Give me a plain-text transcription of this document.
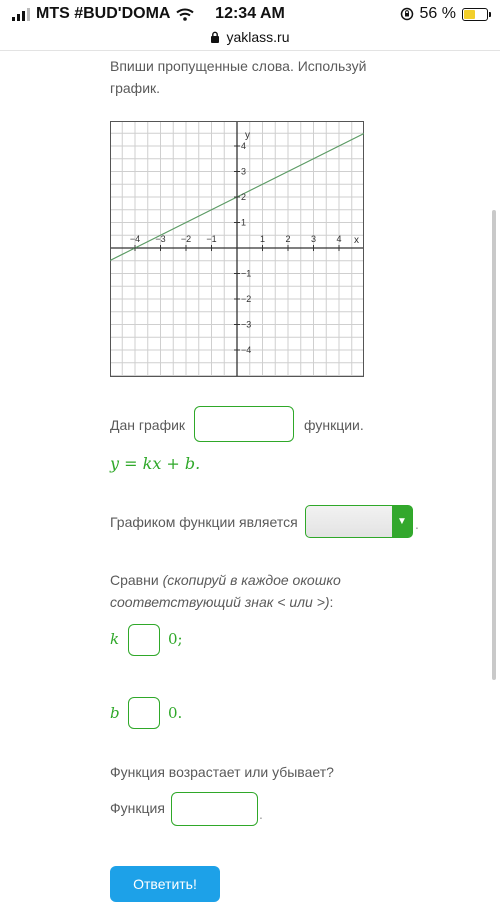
MTS #BUD'DOMA	12:34 AM	56 %
yaklass.ru
Впиши пропущенные слова. Используй график.
−4 −3 −2 −1	1 2 3 4
4
3
2
1
−1
−2
−3
−4
x
y
Дан график	функции.
y = kx + b.
Графиком функции является	▼ .
Сравни (скопируй в каждое окошко соответствующий знак < или >):
k	0;
b	0.
Функция возрастает или убывает?
Функция	.
Ответить!
